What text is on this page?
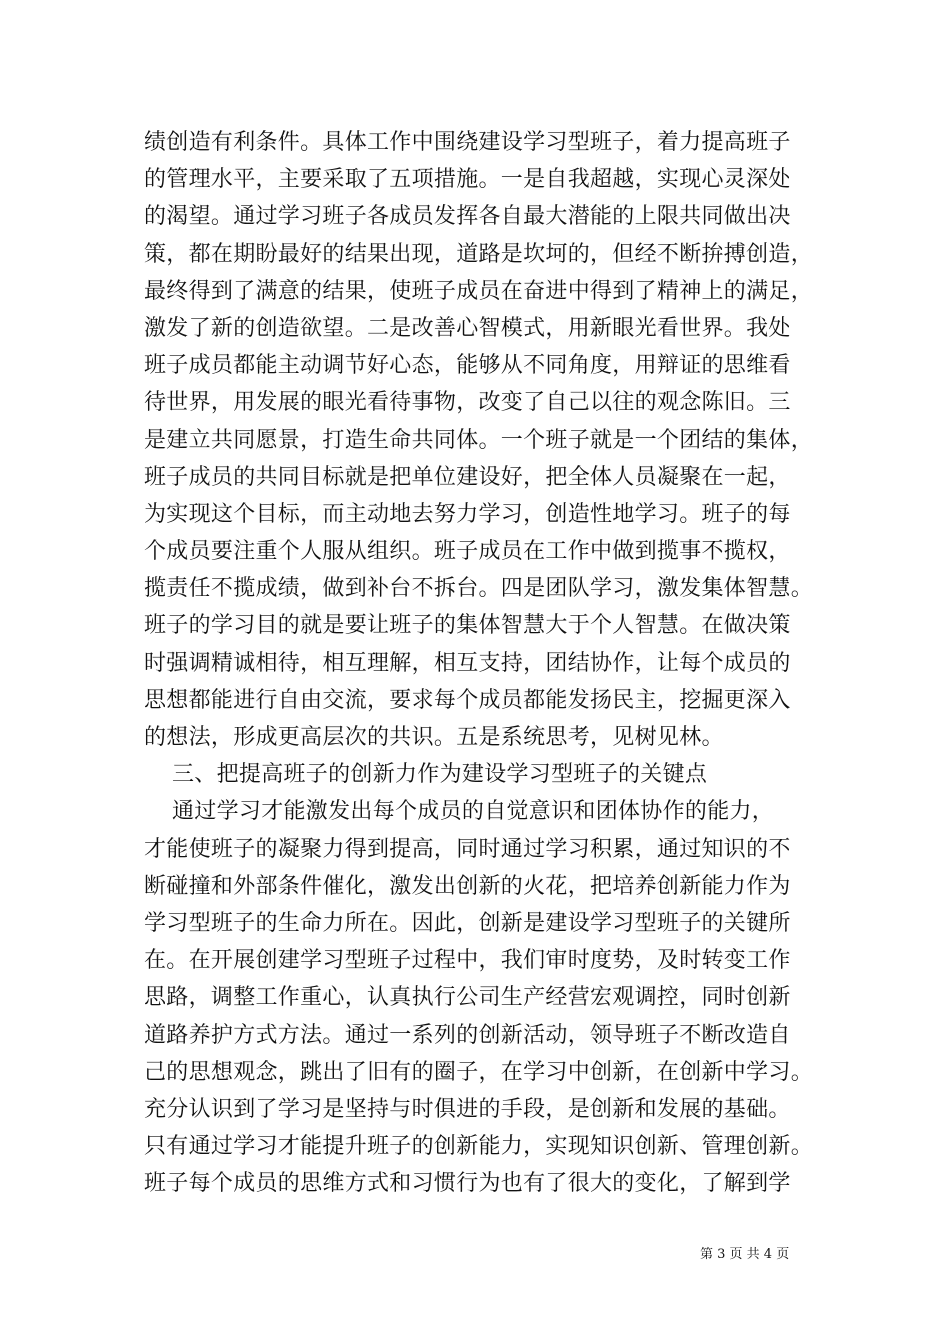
绩创造有利条件。具体工作中围绕建设学习型班子，着力提高班子
的管理水平，主要采取了五项措施。一是自我超越，实现心灵深处
的渴望。通过学习班子各成员发挥各自最大潜能的上限共同做出决
策，都在期盼最好的结果出现，道路是坎坷的，但经不断拚搏创造，
最终得到了满意的结果，使班子成员在奋进中得到了精神上的满足，
激发了新的创造欲望。二是改善心智模式，用新眼光看世界。我处
班子成员都能主动调节好心态，能够从不同角度，用辩证的思维看
待世界，用发展的眼光看待事物，改变了自己以往的观念陈旧。三
是建立共同愿景，打造生命共同体。一个班子就是一个团结的集体，
班子成员的共同目标就是把单位建设好，把全体人员凝聚在一起，
为实现这个目标，而主动地去努力学习，创造性地学习。班子的每
个成员要注重个人服从组织。班子成员在工作中做到揽事不揽权，
揽责任不揽成绩，做到补台不拆台。四是团队学习，激发集体智慧。
班子的学习目的就是要让班子的集体智慧大于个人智慧。在做决策
时强调精诚相待，相互理解，相互支持，团结协作，让每个成员的
思想都能进行自由交流，要求每个成员都能发扬民主，挖掘更深入
的想法，形成更高层次的共识。五是系统思考，见树见林。
三、把提高班子的创新力作为建设学习型班子的关键点
通过学习才能激发出每个成员的自觉意识和团体协作的能力，
才能使班子的凝聚力得到提高，同时通过学习积累，通过知识的不
断碰撞和外部条件催化，激发出创新的火花，把培养创新能力作为
学习型班子的生命力所在。因此，创新是建设学习型班子的关键所
在。在开展创建学习型班子过程中，我们审时度势，及时转变工作
思路，调整工作重心，认真执行公司生产经营宏观调控，同时创新
道路养护方式方法。通过一系列的创新活动，领导班子不断改造自
己的思想观念，跳出了旧有的圈子，在学习中创新，在创新中学习。
充分认识到了学习是坚持与时俱进的手段，是创新和发展的基础。
只有通过学习才能提升班子的创新能力，实现知识创新、管理创新。
班子每个成员的思维方式和习惯行为也有了很大的变化，了解到学
第 3 页 共 4 页
